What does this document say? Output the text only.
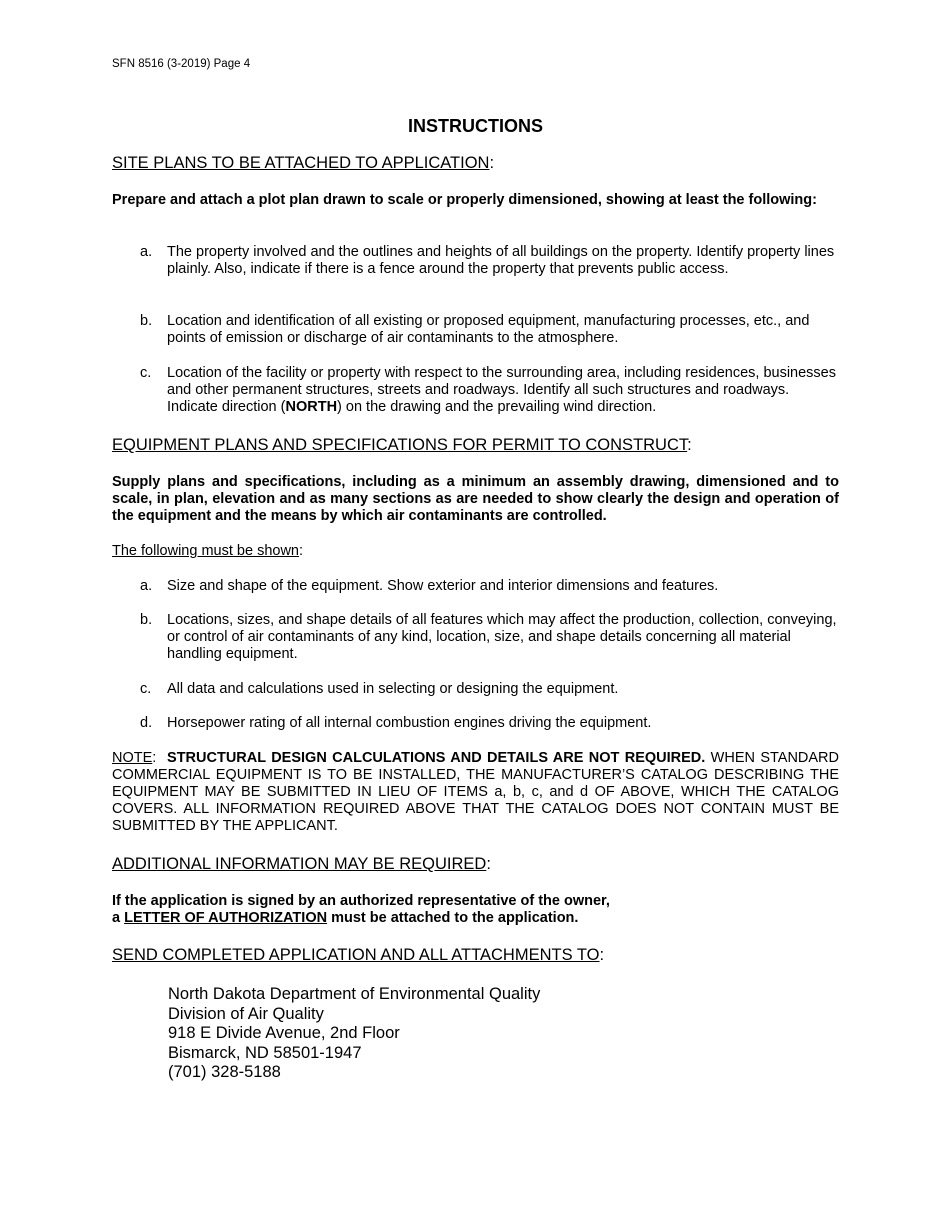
SFN 8516 (3-2019) Page 4
INSTRUCTIONS
SITE PLANS TO BE ATTACHED TO APPLICATION:
Prepare and attach a plot plan drawn to scale or properly dimensioned, showing at least the following:
a.	The property involved and the outlines and heights of all buildings on the property. Identify property lines plainly. Also, indicate if there is a fence around the property that prevents public access.
b.	Location and identification of all existing or proposed equipment, manufacturing processes, etc., and points of emission or discharge of air contaminants to the atmosphere.
c.	Location of the facility or property with respect to the surrounding area, including residences, businesses and other permanent structures, streets and roadways. Identify all such structures and roadways. Indicate direction (NORTH) on the drawing and the prevailing wind direction.
EQUIPMENT PLANS AND SPECIFICATIONS FOR PERMIT TO CONSTRUCT:
Supply plans and specifications, including as a minimum an assembly drawing, dimensioned and to scale, in plan, elevation and as many sections as are needed to show clearly the design and operation of the equipment and the means by which air contaminants are controlled.
The following must be shown:
a.	Size and shape of the equipment. Show exterior and interior dimensions and features.
b.	Locations, sizes, and shape details of all features which may affect the production, collection, conveying, or control of air contaminants of any kind, location, size, and shape details concerning all material handling equipment.
c.	All data and calculations used in selecting or designing the equipment.
d.	Horsepower rating of all internal combustion engines driving the equipment.
NOTE:  STRUCTURAL DESIGN CALCULATIONS AND DETAILS ARE NOT REQUIRED. WHEN STANDARD COMMERCIAL EQUIPMENT IS TO BE INSTALLED, THE MANUFACTURER’S CATALOG DESCRIBING THE EQUIPMENT MAY BE SUBMITTED IN LIEU OF ITEMS a, b, c, and d OF ABOVE, WHICH THE CATALOG COVERS. ALL INFORMATION REQUIRED ABOVE THAT THE CATALOG DOES NOT CONTAIN MUST BE SUBMITTED BY THE APPLICANT.
ADDITIONAL INFORMATION MAY BE REQUIRED:
If the application is signed by an authorized representative of the owner,
a LETTER OF AUTHORIZATION must be attached to the application.
SEND COMPLETED APPLICATION AND ALL ATTACHMENTS TO:
North Dakota Department of Environmental Quality
Division of Air Quality
918 E Divide Avenue, 2nd Floor
Bismarck, ND 58501-1947
(701) 328-5188
